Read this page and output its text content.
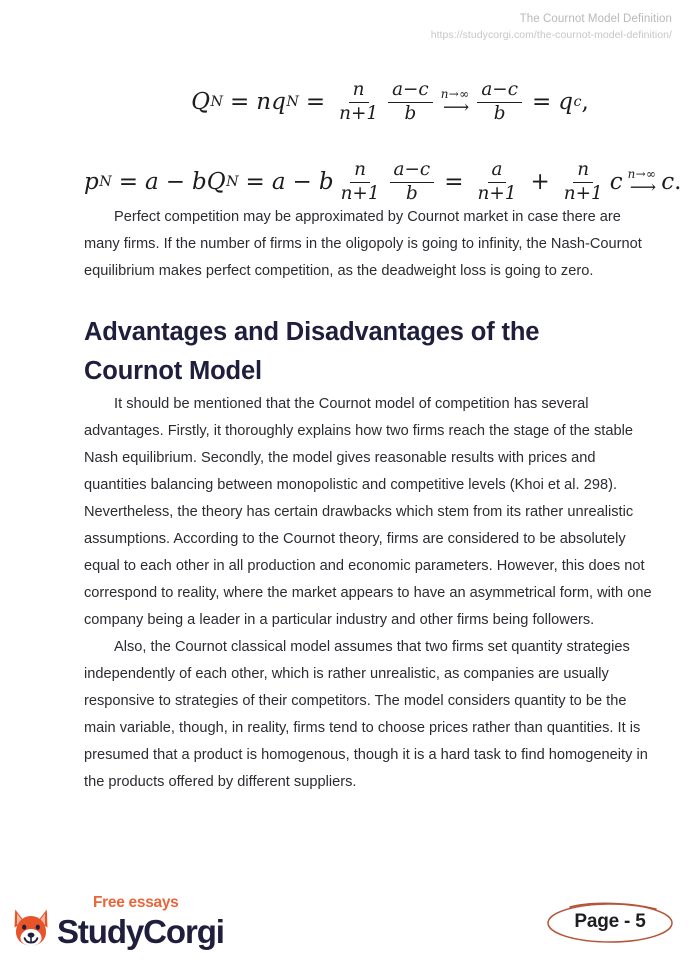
The Cournot Model Definition
https://studycorgi.com/the-cournot-model-definition/
Q N = n q $N = \frac{n}{n+1} \frac{a-c}{b} n\to\infty$
⟶ $\frac{a-c}{b} = q$ c ,
p N = a − b Q N = a − b $\frac{n}{n+1} \frac{a-c}{b} = \frac{a}{n+1} + \frac{n}{n+1}$ c n→∞
⟶ c .

Perfect competition may be approximated by Cournot market in case there are many firms. If the number of firms in the oligopoly is going to infinity, the Nash-Cournot equilibrium makes perfect competition, as the deadweight loss is going to zero.

Advantages and Disadvantages of the Cournot Model

It should be mentioned that the Cournot model of competition has several advantages. Firstly, it thoroughly explains how two firms reach the stage of the stable Nash equilibrium. Secondly, the model gives reasonable results with prices and quantities balancing between monopolistic and competitive levels (Khoi et al. 298). Nevertheless, the theory has certain drawbacks which stem from its rather unrealistic assumptions. According to the Cournot theory, firms are considered to be absolutely equal to each other in all production and economic parameters. However, this does not correspond to reality, where the market appears to have an asymmetrical form, with one company being a leader in a particular industry and other firms being followers.

Also, the Cournot classical model assumes that two firms set quantity strategies independently of each other, which is rather unrealistic, as companies are usually responsive to strategies of their competitors. The model considers quantity to be the main variable, though, in reality, firms tend to choose prices rather than quantities. It is presumed that a product is homogenous, though it is a hard task to find homogeneity in the products offered by different suppliers.

Free essays
StudyCorgi	Page - 5
